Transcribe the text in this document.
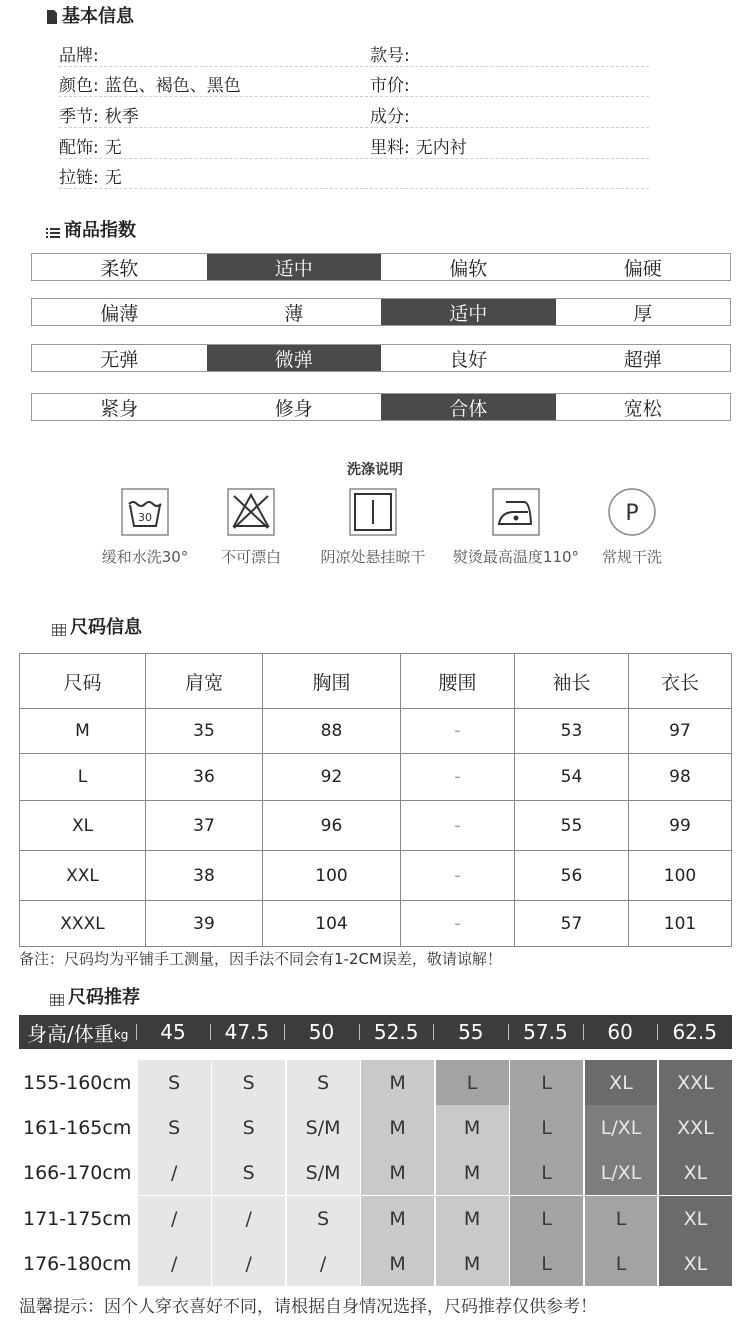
基本信息
品牌:
颜色: 蓝色、褐色、黑色
季节: 秋季
配饰: 无
拉链: 无
款号:
市价:
成分:
里料: 无内衬
商品指数
柔软	适中	偏软	偏硬
偏薄	薄	适中	厚
无弹	微弹	良好	超弹
紧身	修身	合体	宽松
洗涤说明
30
缓和水洗30°	不可漂白	阴凉处悬挂晾干	熨烫最高温度110°
P
常规干洗
尺码信息
尺码	肩宽	胸围	腰围	袖长	衣长
M	35	88	-	53	97
L	36	92	-	54	98
XL	37	96	-	55	99
XXL	38	100	-	56	100
XXXL	39	104	-	57	101
备注：尺码均为平铺手工测量，因手法不同会有1-2CM误差，敬请谅解！
尺码推荐
身高/体重 kg	45	47.5	50	52.5	55	57.5	60	62.5
155-160cm	S	S	S	M	L	L	XL	XXL
161-165cm	S	S	S/M	M	M	L	L/XL	XXL
166-170cm	/	S	S/M	M	M	L	L/XL	XL
171-175cm	/	/	S	M	M	L	L	XL
176-180cm	/	/	/	M	M	L	L	XL
温馨提示：因个人穿衣喜好不同，请根据自身情况选择，尺码推荐仅供参考！
